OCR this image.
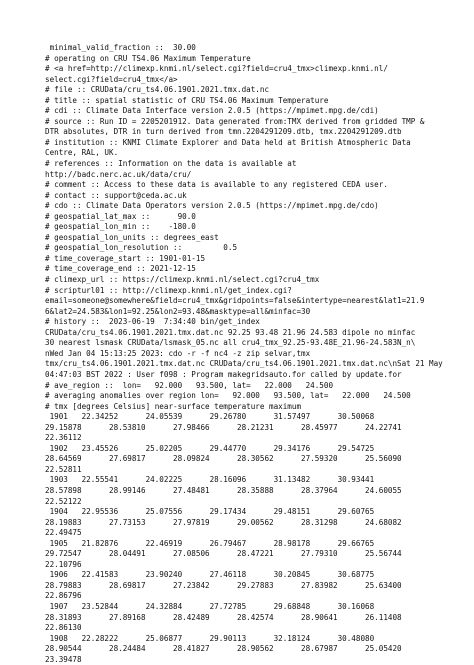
minimal_valid_fraction ::  30.00
# operating on CRU TS4.06 Maximum Temperature
# <a href=http://climexp.knmi.nl/select.cgi?field=cru4_tmx>climexp.knmi.nl/
select.cgi?field=cru4_tmx</a>
# file :: CRUData/cru_ts4.06.1901.2021.tmx.dat.nc
# title :: spatial statistic of CRU TS4.06 Maximum Temperature
# cdi :: Climate Data Interface version 2.0.5 (https://mpimet.mpg.de/cdi)
# source :: Run ID = 2205201912. Data generated from:TMX derived from gridded TMP &
DTR absolutes, DTR in turn derived from tmn.2204291209.dtb, tmx.2204291209.dtb
# institution :: KNMI Climate Explorer and Data held at British Atmospheric Data
Centre, RAL, UK.
# references :: Information on the data is available at
http://badc.nerc.ac.uk/data/cru/
# comment :: Access to these data is available to any registered CEDA user.
# contact :: support@ceda.ac.uk
# cdo :: Climate Data Operators version 2.0.5 (https://mpimet.mpg.de/cdo)
# geospatial_lat_max ::      90.0
# geospatial_lon_min ::    -180.0
# geospatial_lon_units :: degrees_east
# geospatial_lon_resolution ::         0.5
# time_coverage_start :: 1901-01-15
# time_coverage_end :: 2021-12-15
# climexp_url :: https://climexp.knmi.nl/select.cgi?cru4_tmx
# scripturl01 :: http://climexp.knmi.nl/get_index.cgi?
email=someone@somewhere&field=cru4_tmx&gridpoints=false&intertype=nearest&lat1=21.9
6&lat2=24.583&lon1=92.25&lon2=93.48&masktype=all&minfac=30
# history ::  2023-06-19  7:34:40 bin/get_index
CRUData/cru_ts4.06.1901.2021.tmx.dat.nc 92.25 93.48 21.96 24.583 dipole no minfac
30 nearest lsmask CRUData/lsmask_05.nc all cru4_tmx_92.25-93.48E_21.96-24.583N_n\
nWed Jan 04 15:13:25 2023: cdo -r -f nc4 -z zip selvar,tmx
tmx/cru_ts4.06.1901.2021.tmx.dat.nc CRUData/cru_ts4.06.1901.2021.tmx.dat.nc\nSat 21 May
04:47:03 BST 2022 : User f098 : Program makegridsauto.for called by update.for
# ave_region ::  lon=   92.000   93.500, lat=   22.000   24.500
# averaging anomalies over region lon=   92.000   93.500, lat=   22.000   24.500
# tmx [degrees Celsius] near-surface temperature maximum
1901   22.34252      24.05539      29.26780      31.57497      30.50068
29.15878      28.53810      27.98466      28.21231      28.45977      24.22741
22.36112
1902   23.45526      25.02205      29.44770      29.34176      29.54725
28.64569      27.69817      28.09824      28.30562      27.59320      25.56090
22.52811
1903   22.55541      24.02225      28.16096      31.13482      30.93441
28.57898      28.99146      27.48481      28.35888      28.37964      24.60055
22.52122
1904   22.95536      25.07556      29.17434      29.48151      29.60765
28.19883      27.73153      27.97819      29.00562      28.31298      24.68082
22.49475
1905   21.82876      22.46919      26.79467      28.98178      29.66765
29.72547      28.04491      27.08506      28.47221      27.79310      25.56744
22.10796
1906   22.41583      23.90240      27.46118      30.20845      30.68775
28.79883      28.69817      27.23842      29.27883      27.83982      25.63400
22.86796
1907   23.52844      24.32884      27.72785      29.68848      30.16068
28.31893      27.89168      28.42489      28.42574      28.90641      26.11408
22.86130
1908   22.28222      25.06877      29.90113      32.18124      30.48080
28.90544      28.24484      28.41827      28.90562      28.67987      25.05420
23.39478
